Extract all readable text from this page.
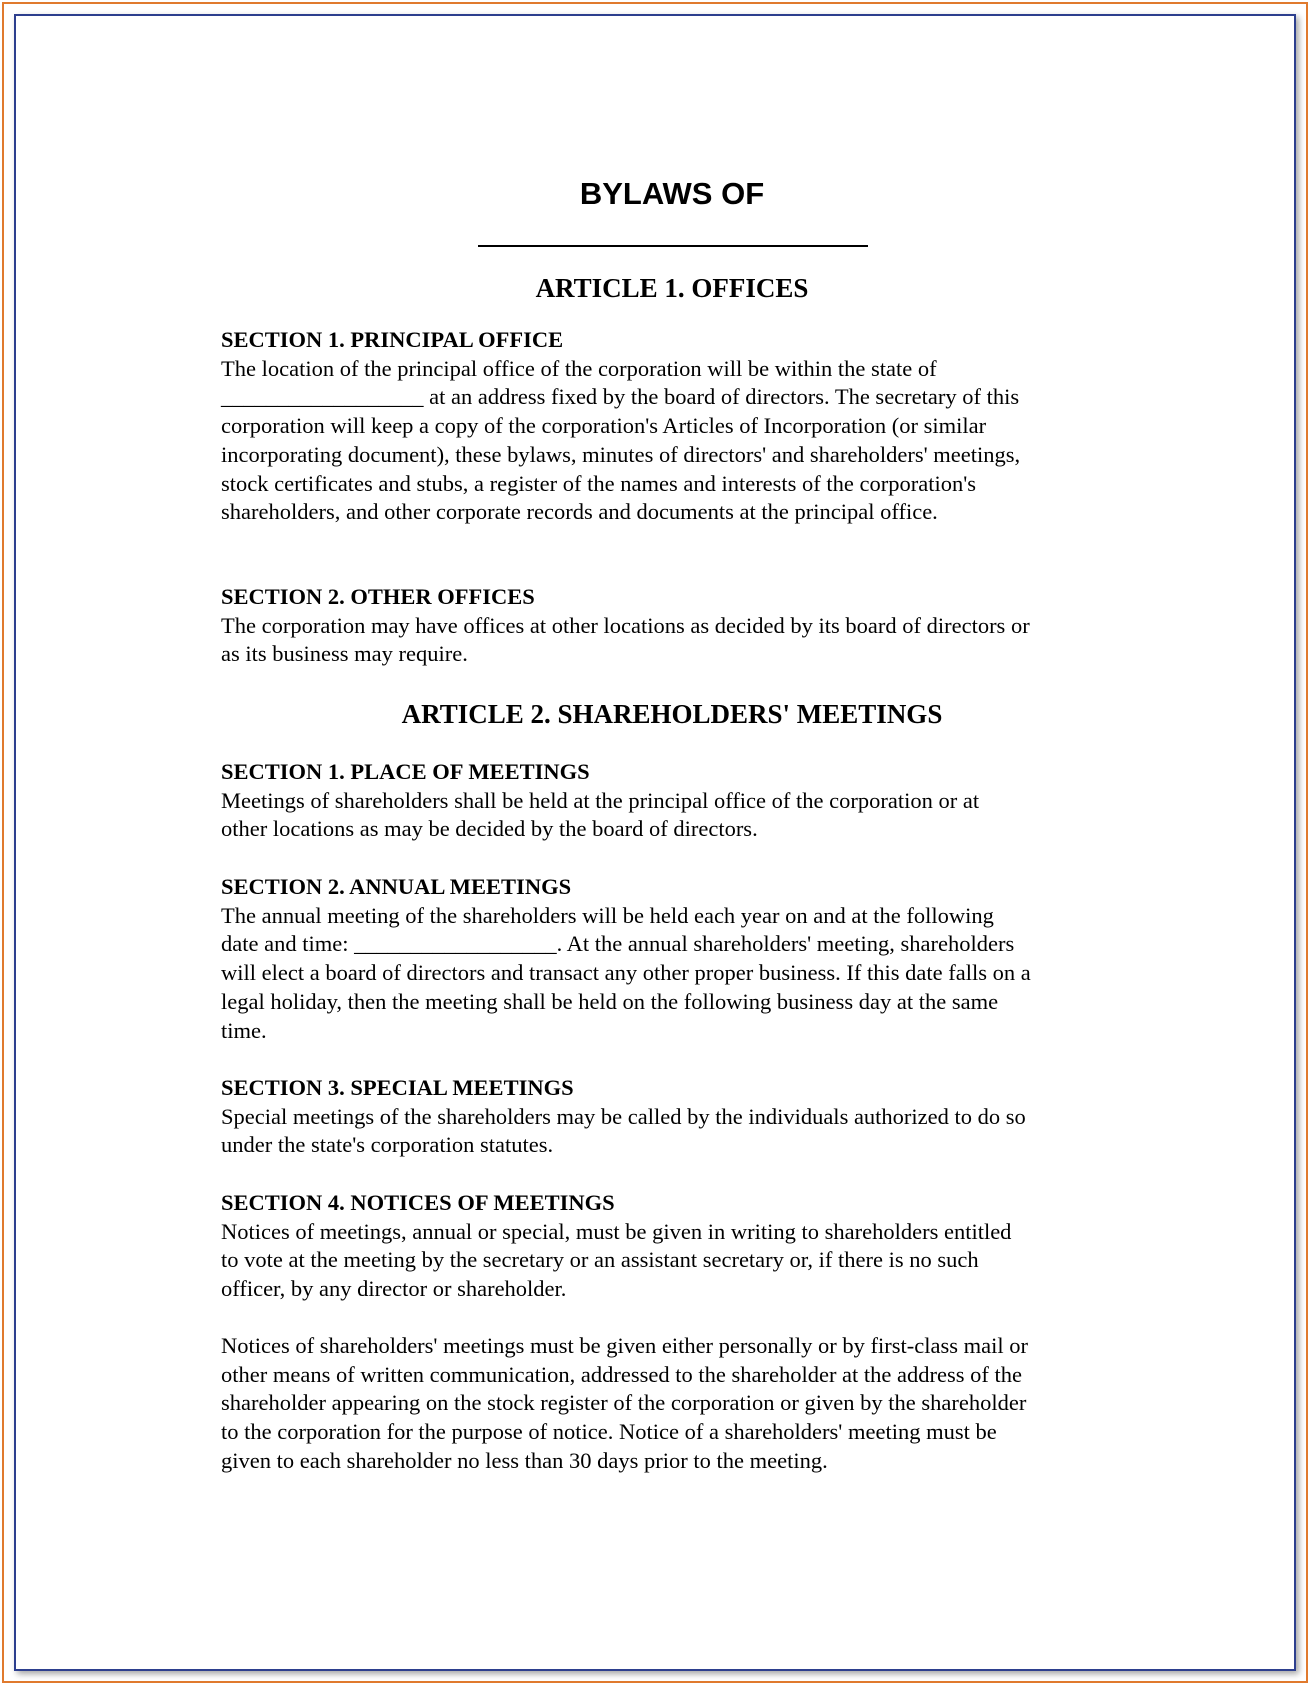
BYLAWS OF
ARTICLE 1. OFFICES

SECTION 1. PRINCIPAL OFFICE

The location of the principal office of the corporation will be within the state of
__________________ at an address fixed by the board of directors. The secretary of this
corporation will keep a copy of the corporation's Articles of Incorporation (or similar
incorporating document), these bylaws, minutes of directors' and shareholders' meetings,
stock certificates and stubs, a register of the names and interests of the corporation's
shareholders, and other corporate records and documents at the principal office.

SECTION 2. OTHER OFFICES

The corporation may have offices at other locations as decided by its board of directors or
as its business may require.

ARTICLE 2. SHAREHOLDERS' MEETINGS

SECTION 1. PLACE OF MEETINGS

Meetings of shareholders shall be held at the principal office of the corporation or at
other locations as may be decided by the board of directors.

SECTION 2. ANNUAL MEETINGS

The annual meeting of the shareholders will be held each year on and at the following
date and time: __________________. At the annual shareholders' meeting, shareholders
will elect a board of directors and transact any other proper business. If this date falls on a
legal holiday, then the meeting shall be held on the following business day at the same
time.

SECTION 3. SPECIAL MEETINGS

Special meetings of the shareholders may be called by the individuals authorized to do so
under the state's corporation statutes.

SECTION 4. NOTICES OF MEETINGS

Notices of meetings, annual or special, must be given in writing to shareholders entitled
to vote at the meeting by the secretary or an assistant secretary or, if there is no such
officer, by any director or shareholder.

Notices of shareholders' meetings must be given either personally or by first-class mail or
other means of written communication, addressed to the shareholder at the address of the
shareholder appearing on the stock register of the corporation or given by the shareholder
to the corporation for the purpose of notice. Notice of a shareholders' meeting must be
given to each shareholder no less than 30 days prior to the meeting.
